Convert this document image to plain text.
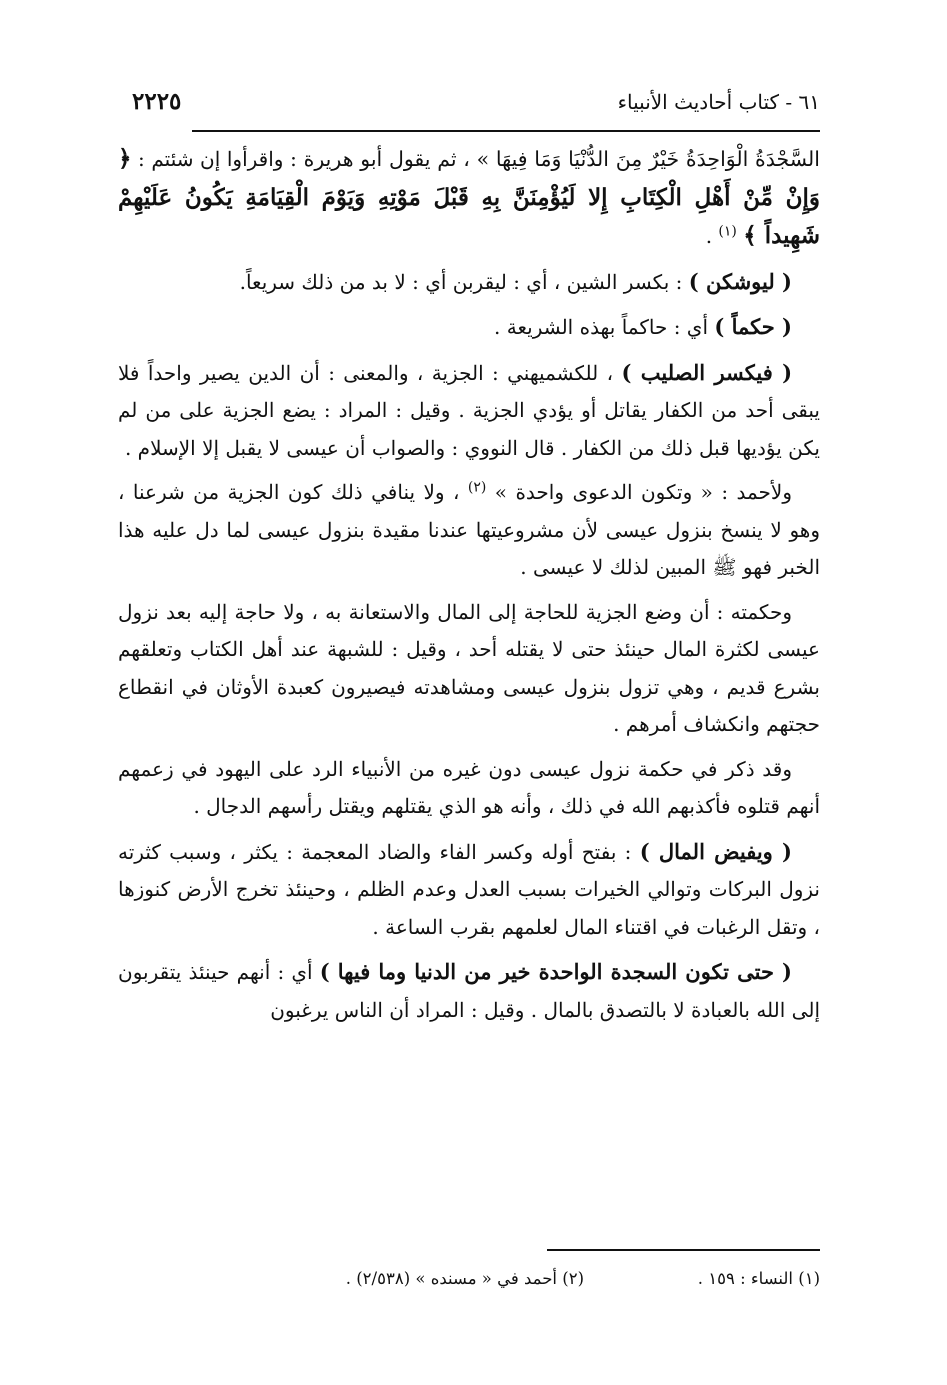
٦١ - كتاب أحاديث الأنبياء
٢٢٢٥

السَّجْدَةُ الْوَاحِدَةُ خَيْرٌ مِنَ الدُّنْيَا وَمَا فِيهَا » ، ثم يقول أبو هريرة : واقرأوا إن شئتم : ﴿ وَإِنْ مِّنْ أَهْلِ الْكِتَابِ إِلا لَيُؤْمِنَنَّ بِهِ قَبْلَ مَوْتِهِ وَيَوْمَ الْقِيَامَةِ يَكُونُ عَلَيْهِمْ شَهِيداً ﴾ $^{(١)}$ .

( ليوشكن ) : بكسر الشين ، أي : ليقربن أي : لا بد من ذلك سريعاً.

( حكماً ) أي : حاكماً بهذه الشريعة .

( فيكسر الصليب ) ، للكشميهني : الجزية ، والمعنى : أن الدين يصير واحداً فلا يبقى أحد من الكفار يقاتل أو يؤدي الجزية . وقيل : المراد : يضع الجزية على من لم يكن يؤديها قبل ذلك من الكفار . قال النووي : والصواب أن عيسى لا يقبل إلا الإسلام .

ولأحمد : « وتكون الدعوى واحدة » $^{(٢)}$ ، ولا ينافي ذلك كون الجزية من شرعنا ، وهو لا ينسخ بنزول عيسى لأن مشروعيتها عندنا مقيدة بنزول عيسى لما دل عليه هذا الخبر فهو ﷺ المبين لذلك لا عيسى .

وحكمته : أن وضع الجزية للحاجة إلى المال والاستعانة به ، ولا حاجة إليه بعد نزول عيسى لكثرة المال حينئذ حتى لا يقتله أحد ، وقيل : للشبهة عند أهل الكتاب وتعلقهم بشرع قديم ، وهي تزول بنزول عيسى ومشاهدته فيصيرون كعبدة الأوثان في انقطاع حجتهم وانكشاف أمرهم .

وقد ذكر في حكمة نزول عيسى دون غيره من الأنبياء الرد على اليهود في زعمهم أنهم قتلوه فأكذبهم الله في ذلك ، وأنه هو الذي يقتلهم ويقتل رأسهم الدجال .

( ويفيض المال ) : بفتح أوله وكسر الفاء والضاد المعجمة : يكثر ، وسبب كثرته نزول البركات وتوالي الخيرات بسبب العدل وعدم الظلم ، وحينئذ تخرج الأرض كنوزها ، وتقل الرغبات في اقتناء المال لعلمهم بقرب الساعة .

( حتى تكون السجدة الواحدة خير من الدنيا وما فيها ) أي : أنهم حينئذ يتقربون إلى الله بالعبادة لا بالتصدق بالمال . وقيل : المراد أن الناس يرغبون

(١) النساء : ١٥٩ .
(٢) أحمد في « مسنده » (٢/٥٣٨) .
